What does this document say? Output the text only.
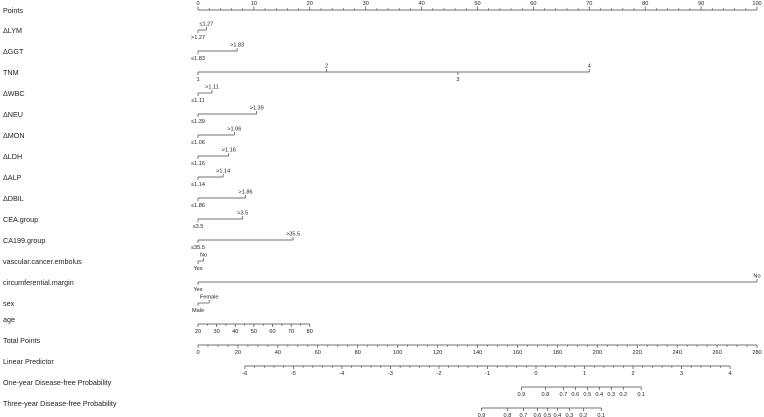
Points
0	10	20	30	40	50	60	70	80	90	100
ΔLYM
≤1.27
>1.27
ΔGGT
>1.83
≤1.83
TNM
1
2
3
4
ΔWBC
>1.11
≤1.11
ΔNEU
>1.39
≤1.39
ΔMON
>1.06
≤1.06
ΔLDH
>1.16
≤1.16
ΔALP
>1.14
≤1.14
ΔDBIL
>1.86
≤1.86
CEA.group
>3.5
≤3.5
CA199.group
>35.5
≤35.5
vascular.cancer.embolus
No
Yes
circumferential.margin
No
Yes
sex
Female
Male
age
20 30 40 50 60 70 80
Total Points
0	20	40	60	80	100	120	140	160	180	200	220	240	260	280
Linear Predictor
-6	-5	-4	-3	-2	-1	0	1	2	3	4
One-year Disease-free Probability
0.9	0.8 0.7 0.6 0.5 0.4 0.3 0.2 0.1
Three-year Disease-free Probability
0.9	0.8 0.7 0.6 0.5 0.4 0.3 0.2 0.1
